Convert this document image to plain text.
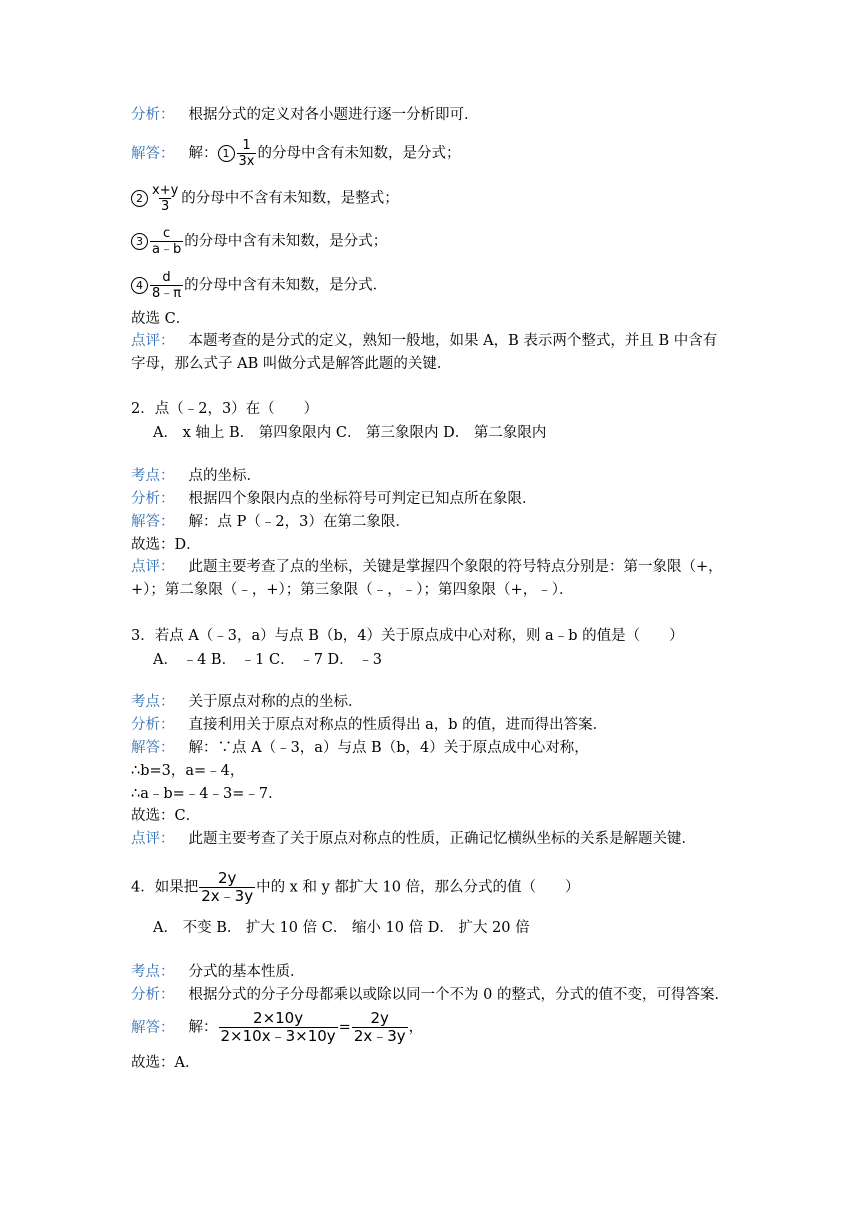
分析： 根据分式的定义对各小题进行逐一分析即可．
解答： 解： $1 \frac{1}{3x}$ 的分母中含有未知数，是分式；
$2 \frac{x+y}{3}$ 的分母中不含有未知数，是整式；
$3 \frac{c}{a﹣b}$ 的分母中含有未知数，是分式；
$4 \frac{d}{8﹣\pi}$ 的分母中含有未知数，是分式．
故选 C．
点评： 本题考查的是分式的定义，熟知一般地，如果 A，B 表示两个整式，并且 B 中含有
字母，那么式子 AB 叫做分式是解答此题的关键．
2．点（﹣2，3）在（　　）
A． x 轴上 B． 第四象限内 C． 第三象限内 D． 第二象限内
考点： 点的坐标．
分析： 根据四个象限内点的坐标符号可判定已知点所在象限．
解答： 解：点 P（﹣2，3）在第二象限．
故选：D．
点评： 此题主要考查了点的坐标，关键是掌握四个象限的符号特点分别是：第一象限（+，
+）；第二象限（﹣，+）；第三象限（﹣，﹣）；第四象限（+，﹣）．
3．若点 A（﹣3，a）与点 B（b，4）关于原点成中心对称，则 a﹣b 的值是（　　）
A． ﹣4 B． ﹣1 C． ﹣7 D． ﹣3
考点： 关于原点对称的点的坐标．
分析： 直接利用关于原点对称点的性质得出 a，b 的值，进而得出答案．
解答： 解：∵点 A（﹣3，a）与点 B（b，4）关于原点成中心对称，
∴b=3，a=﹣4，
∴a﹣b=﹣4﹣3=﹣7．
故选：C．
点评： 此题主要考查了关于原点对称点的性质，正确记忆横纵坐标的关系是解题关键．
4．如果把 $\frac{2y}{2x﹣3y}$ 中的 x 和 y 都扩大 10 倍，那么分式的值（　　）
A． 不变 B． 扩大 10 倍 C． 缩小 10 倍 D． 扩大 20 倍
考点： 分式的基本性质．
分析： 根据分式的分子分母都乘以或除以同一个不为 0 的整式，分式的值不变，可得答案．
解答： 解： $\frac{2\times 10y}{2\times 10x﹣3\times 10y} = \frac{2y}{2x﹣3y}$ ，
故选：A．
